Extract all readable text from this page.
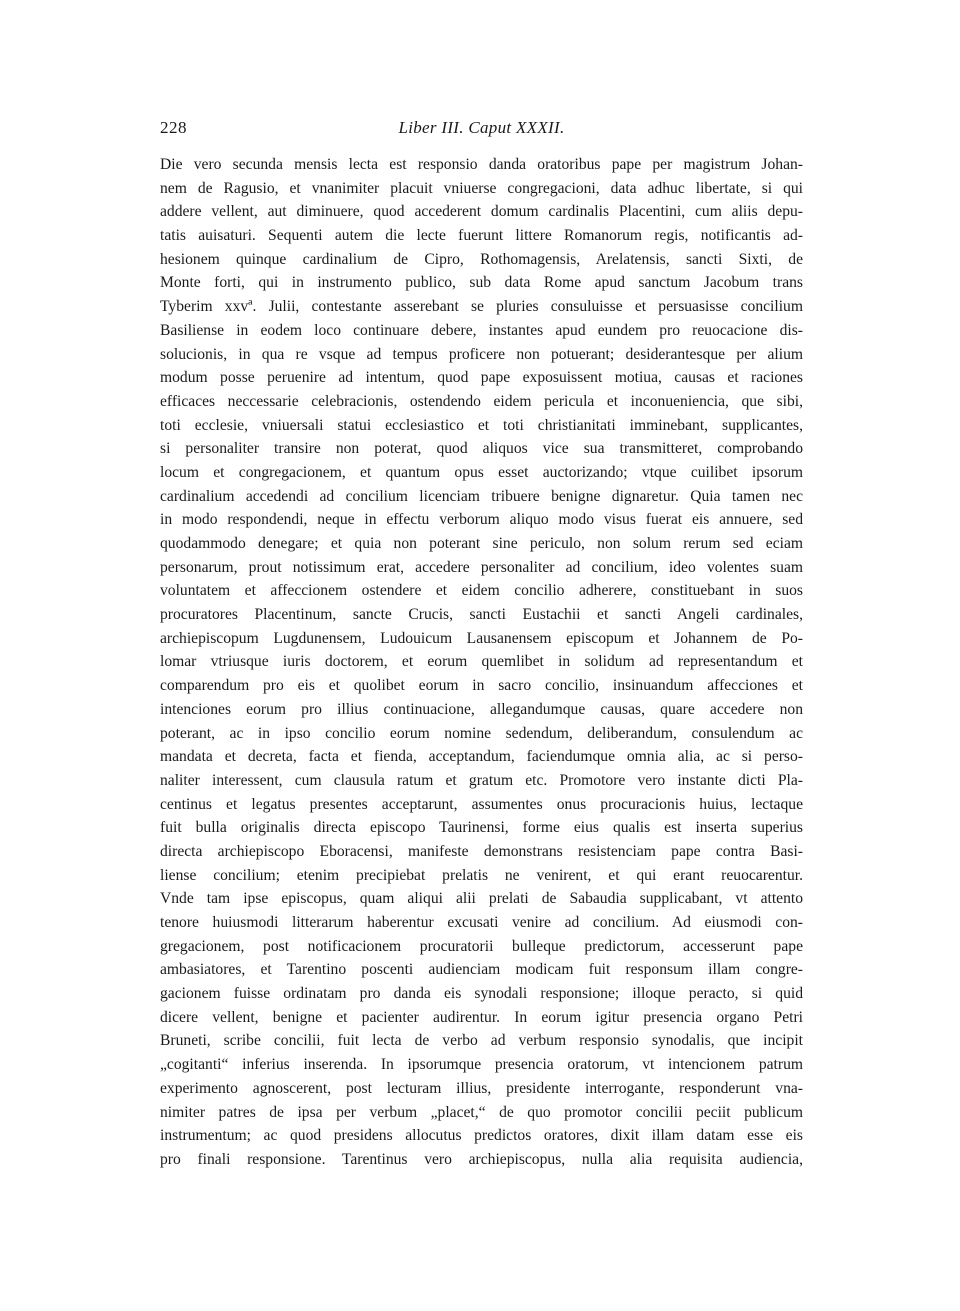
228	Liber III. Caput XXXII.
Die vero secunda mensis lecta est responsio danda oratoribus pape per magistrum Johan-
nem de Ragusio, et vnanimiter placuit vniuerse congregacioni, data adhuc libertate, si qui
addere vellent, aut diminuere, quod accederent domum cardinalis Placentini, cum aliis depu-
tatis auisaturi. Sequenti autem die lecte fuerunt littere Romanorum regis, notificantis ad-
hesionem quinque cardinalium de Cipro, Rothomagensis, Arelatensis, sancti Sixti, de
Monte forti, qui in instrumento publico, sub data Rome apud sanctum Jacobum trans
Tyberim xxvª. Julii, contestante asserebant se pluries consuluisse et persuasisse concilium
Basiliense in eodem loco continuare debere, instantes apud eundem pro reuocacione dis-
solucionis, in qua re vsque ad tempus proficere non potuerant; desiderantesque per alium
modum posse peruenire ad intentum, quod pape exposuissent motiua, causas et raciones
efficaces neccessarie celebracionis, ostendendo eidem pericula et inconueniencia, que sibi,
toti ecclesie, vniuersali statui ecclesiastico et toti christianitati imminebant, supplicantes,
si personaliter transire non poterat, quod aliquos vice sua transmitteret, comprobando
locum et congregacionem, et quantum opus esset auctorizando; vtque cuilibet ipsorum
cardinalium accedendi ad concilium licenciam tribuere benigne dignaretur. Quia tamen nec
in modo respondendi, neque in effectu verborum aliquo modo visus fuerat eis annuere, sed
quodammodo denegare; et quia non poterant sine periculo, non solum rerum sed eciam
personarum, prout notissimum erat, accedere personaliter ad concilium, ideo volentes suam
voluntatem et affeccionem ostendere et eidem concilio adherere, constituebant in suos
procuratores Placentinum, sancte Crucis, sancti Eustachii et sancti Angeli cardinales,
archiepiscopum Lugdunensem, Ludouicum Lausanensem episcopum et Johannem de Po-
lomar vtriusque iuris doctorem, et eorum quemlibet in solidum ad representandum et
comparendum pro eis et quolibet eorum in sacro concilio, insinuandum affecciones et
intenciones eorum pro illius continuacione, allegandumque causas, quare accedere non
poterant, ac in ipso concilio eorum nomine sedendum, deliberandum, consulendum ac
mandata et decreta, facta et fienda, acceptandum, faciendumque omnia alia, ac si perso-
naliter interessent, cum clausula ratum et gratum etc. Promotore vero instante dicti Pla-
centinus et legatus presentes acceptarunt, assumentes onus procuracionis huius, lectaque
fuit bulla originalis directa episcopo Taurinensi, forme eius qualis est inserta superius
directa archiepiscopo Eboracensi, manifeste demonstrans resistenciam pape contra Basi-
liense concilium; etenim precipiebat prelatis ne venirent, et qui erant reuocarentur.
Vnde tam ipse episcopus, quam aliqui alii prelati de Sabaudia supplicabant, vt attento
tenore huiusmodi litterarum haberentur excusati venire ad concilium. Ad eiusmodi con-
gregacionem, post notificacionem procuratorii bulleque predictorum, accesserunt pape
ambasiatores, et Tarentino poscenti audienciam modicam fuit responsum illam congre-
gacionem fuisse ordinatam pro danda eis synodali responsione; illoque peracto, si quid
dicere vellent, benigne et pacienter audirentur. In eorum igitur presencia organo Petri
Bruneti, scribe concilii, fuit lecta de verbo ad verbum responsio synodalis, que incipit
„cogitanti“ inferius inserenda. In ipsorumque presencia oratorum, vt intencionem patrum
experimento agnoscerent, post lecturam illius, presidente interrogante, responderunt vna-
nimiter patres de ipsa per verbum „placet,“ de quo promotor concilii peciit publicum
instrumentum; ac quod presidens allocutus predictos oratores, dixit illam datam esse eis
pro finali responsione. Tarentinus vero archiepiscopus, nulla alia requisita audiencia,
